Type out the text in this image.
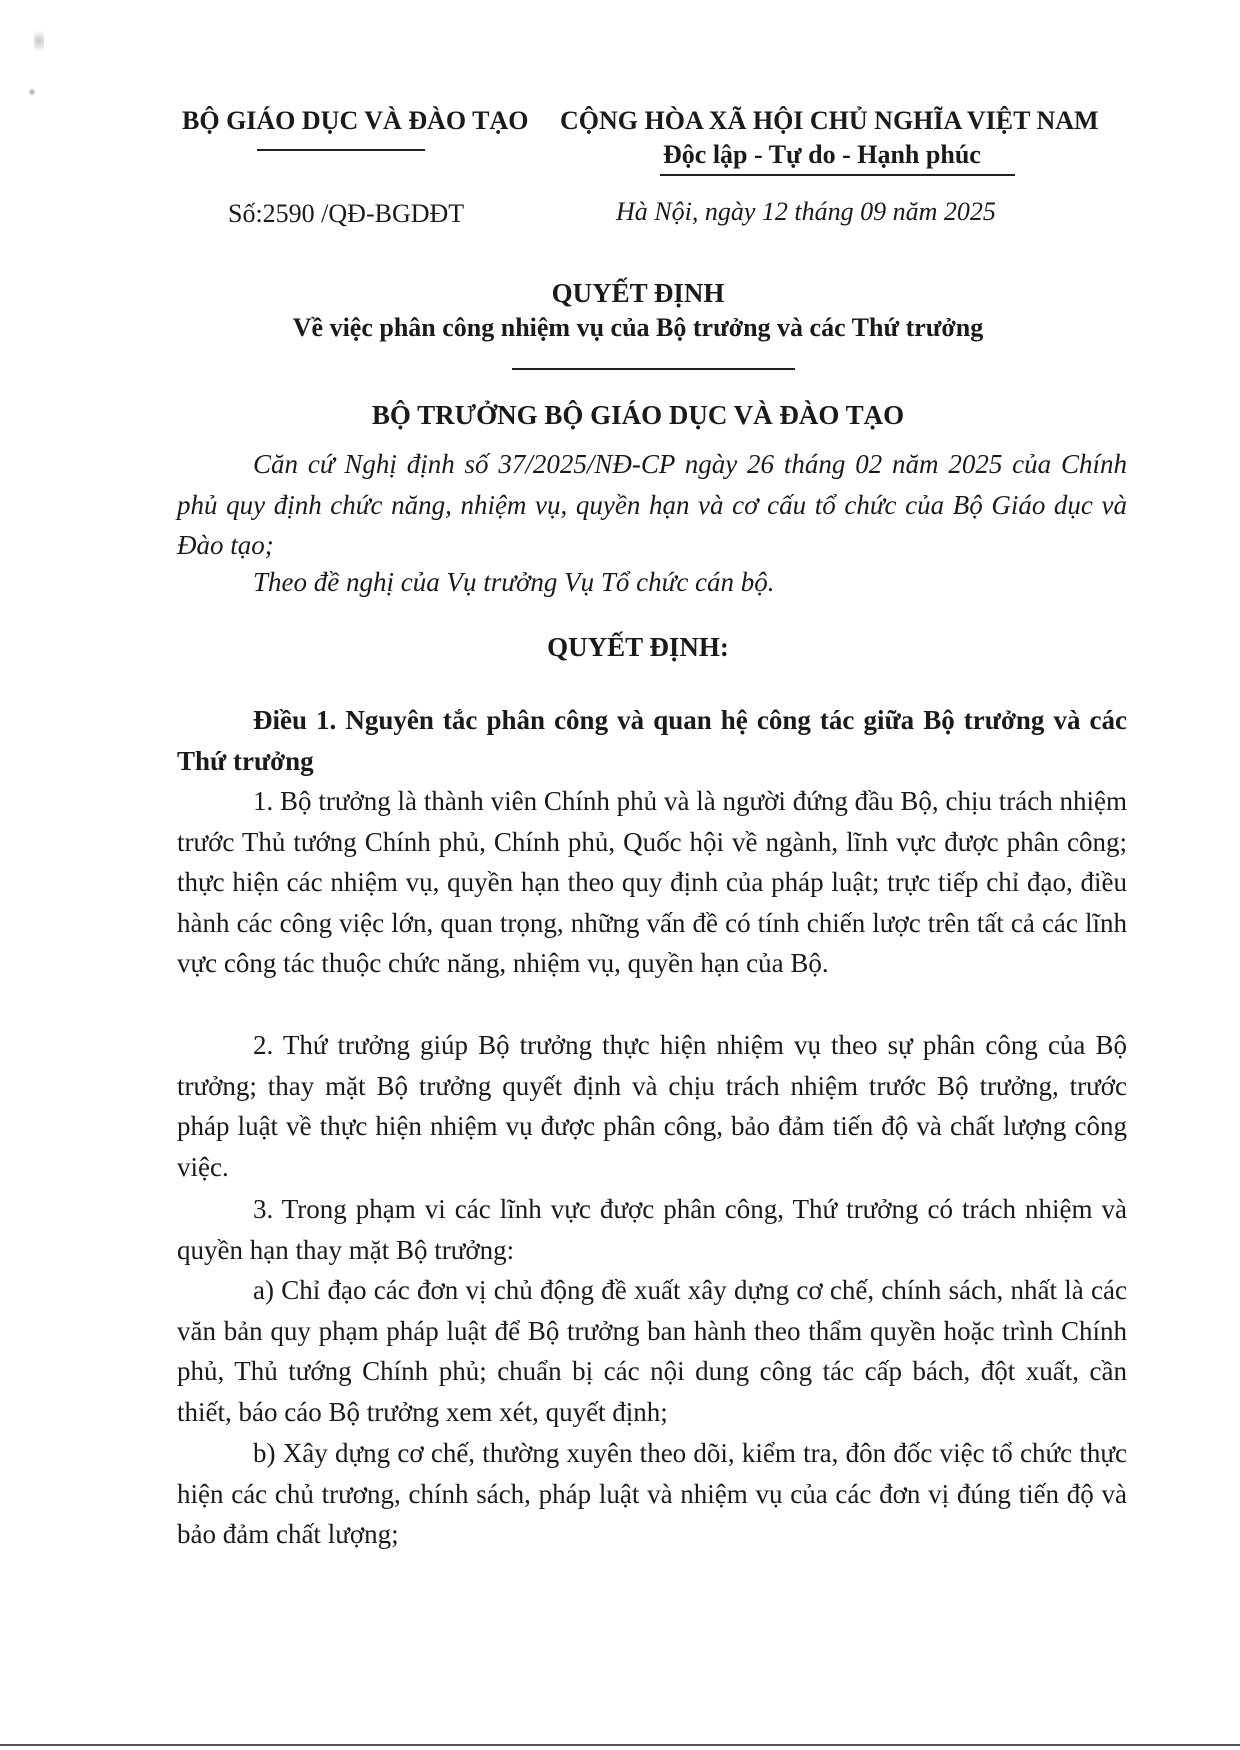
BỘ GIÁO DỤC VÀ ĐÀO TẠO CỘNG HÒA XÃ HỘI CHỦ NGHĨA VIỆT NAM
Độc lập - Tự do - Hạnh phúc
Số:2590 /QĐ-BGDĐT	Hà Nội, ngày 12 tháng 09 năm 2025
QUYẾT ĐỊNH
Về việc phân công nhiệm vụ của Bộ trưởng và các Thứ trưởng
BỘ TRƯỞNG BỘ GIÁO DỤC VÀ ĐÀO TẠO
Căn cứ Nghị định số 37/2025/NĐ-CP ngày 26 tháng 02 năm 2025 của Chính phủ quy định chức năng, nhiệm vụ, quyền hạn và cơ cấu tổ chức của Bộ Giáo dục và Đào tạo;
Theo đề nghị của Vụ trưởng Vụ Tổ chức cán bộ.
QUYẾT ĐỊNH:
Điều 1. Nguyên tắc phân công và quan hệ công tác giữa Bộ trưởng và các Thứ trưởng
1. Bộ trưởng là thành viên Chính phủ và là người đứng đầu Bộ, chịu trách nhiệm trước Thủ tướng Chính phủ, Chính phủ, Quốc hội về ngành, lĩnh vực được phân công; thực hiện các nhiệm vụ, quyền hạn theo quy định của pháp luật; trực tiếp chỉ đạo, điều hành các công việc lớn, quan trọng, những vấn đề có tính chiến lược trên tất cả các lĩnh vực công tác thuộc chức năng, nhiệm vụ, quyền hạn của Bộ.
2. Thứ trưởng giúp Bộ trưởng thực hiện nhiệm vụ theo sự phân công của Bộ trưởng; thay mặt Bộ trưởng quyết định và chịu trách nhiệm trước Bộ trưởng, trước pháp luật về thực hiện nhiệm vụ được phân công, bảo đảm tiến độ và chất lượng công việc.
3. Trong phạm vi các lĩnh vực được phân công, Thứ trưởng có trách nhiệm và quyền hạn thay mặt Bộ trưởng:
a) Chỉ đạo các đơn vị chủ động đề xuất xây dựng cơ chế, chính sách, nhất là các văn bản quy phạm pháp luật để Bộ trưởng ban hành theo thẩm quyền hoặc trình Chính phủ, Thủ tướng Chính phủ; chuẩn bị các nội dung công tác cấp bách, đột xuất, cần thiết, báo cáo Bộ trưởng xem xét, quyết định;
b) Xây dựng cơ chế, thường xuyên theo dõi, kiểm tra, đôn đốc việc tổ chức thực hiện các chủ trương, chính sách, pháp luật và nhiệm vụ của các đơn vị đúng tiến độ và bảo đảm chất lượng;
